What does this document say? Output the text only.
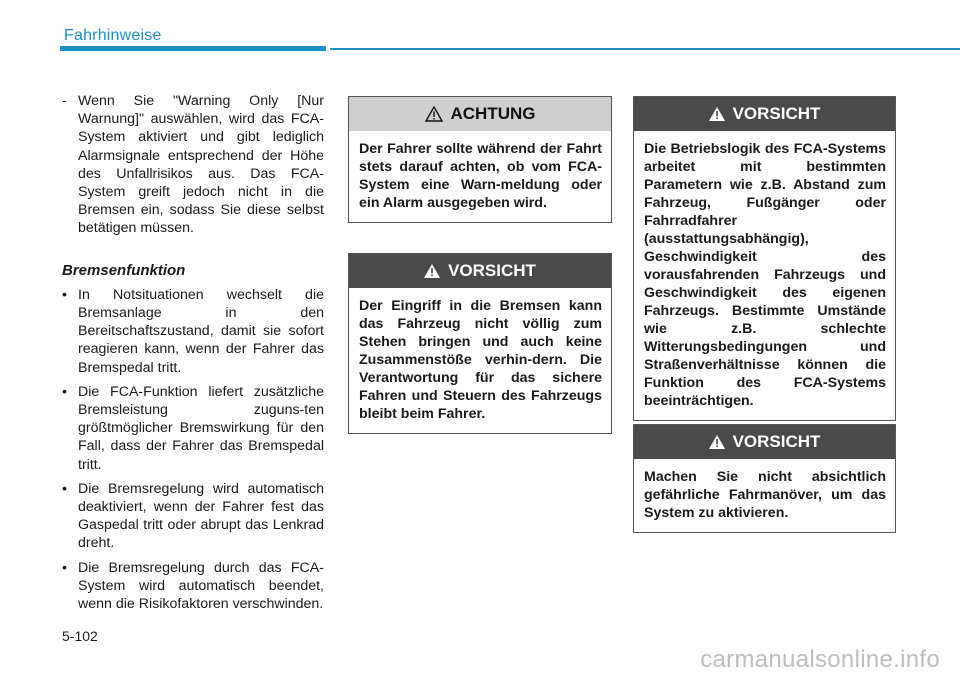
Fahrhinweise
- Wenn Sie "Warning Only [Nur Warnung]" auswählen, wird das FCA-System aktiviert und gibt lediglich Alarmsignale entsprechend der Höhe des Unfallrisikos aus. Das FCA-System greift jedoch nicht in die Bremsen ein, sodass Sie diese selbst betätigen müssen.
Bremsenfunktion
• In Notsituationen wechselt die Bremsanlage in den Bereitschaftszustand, damit sie sofort reagieren kann, wenn der Fahrer das Bremspedal tritt.
• Die FCA-Funktion liefert zusätzliche Bremsleistung zuguns-ten größtmöglicher Bremswirkung für den Fall, dass der Fahrer das Bremspedal tritt.
• Die Bremsregelung wird automatisch deaktiviert, wenn der Fahrer fest das Gaspedal tritt oder abrupt das Lenkrad dreht.
• Die Bremsregelung durch das FCA-System wird automatisch beendet, wenn die Risikofaktoren verschwinden.
ACHTUNG
Der Fahrer sollte während der Fahrt stets darauf achten, ob vom FCA-System eine Warn-meldung oder ein Alarm ausgegeben wird.
VORSICHT
Der Eingriff in die Bremsen kann das Fahrzeug nicht völlig zum Stehen bringen und auch keine Zusammenstöße verhin-dern. Die Verantwortung für das sichere Fahren und Steuern des Fahrzeugs bleibt beim Fahrer.
VORSICHT
Die Betriebslogik des FCA-Systems arbeitet mit bestimmten Parametern wie z.B. Abstand zum Fahrzeug, Fußgänger oder Fahrradfahrer (ausstattungsabhängig), Geschwindigkeit des vorausfahrenden Fahrzeugs und Geschwindigkeit des eigenen Fahrzeugs. Bestimmte Umstände wie z.B. schlechte Witterungsbedingungen und Straßenverhältnisse können die Funktion des FCA-Systems beeinträchtigen.
VORSICHT
Machen Sie nicht absichtlich gefährliche Fahrmanöver, um das System zu aktivieren.
5-102
carmanualsonline.info
